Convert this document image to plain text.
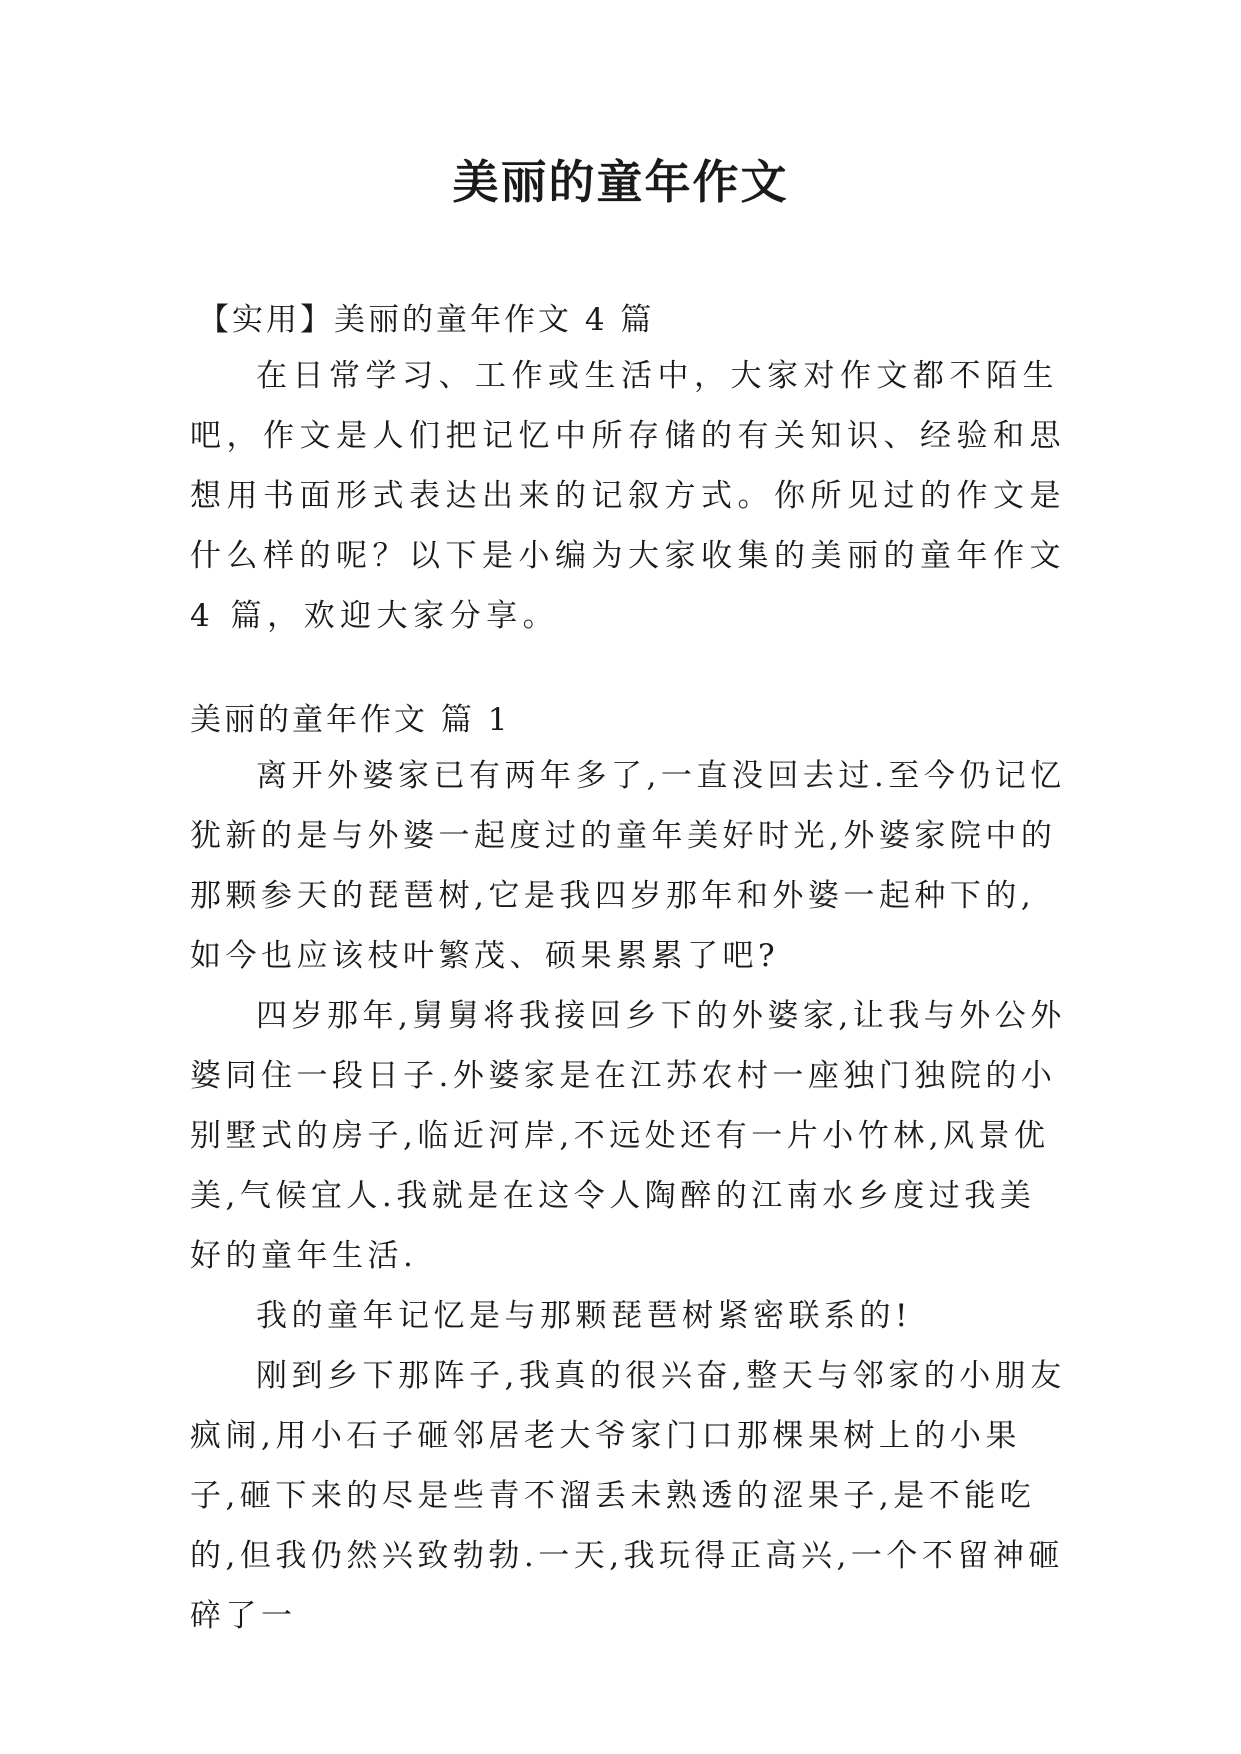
美丽的童年作文

【实用】美丽的童年作文 4 篇

在日常学习、工作或生活中，大家对作文都不陌生吧，作文是人们把记忆中所存储的有关知识、经验和思想用书面形式表达出来的记叙方式。你所见过的作文是什么样的呢？以下是小编为大家收集的美丽的童年作文 4 篇，欢迎大家分享。

美丽的童年作文 篇 1

离开外婆家已有两年多了,一直没回去过.至今仍记忆犹新的是与外婆一起度过的童年美好时光,外婆家院中的那颗参天的琵琶树,它是我四岁那年和外婆一起种下的,如今也应该枝叶繁茂、硕果累累了吧?

四岁那年,舅舅将我接回乡下的外婆家,让我与外公外婆同住一段日子.外婆家是在江苏农村一座独门独院的小别墅式的房子,临近河岸,不远处还有一片小竹林,风景优美,气候宜人.我就是在这令人陶醉的江南水乡度过我美好的童年生活.

我的童年记忆是与那颗琵琶树紧密联系的!

刚到乡下那阵子,我真的很兴奋,整天与邻家的小朋友疯闹,用小石子砸邻居老大爷家门口那棵果树上的小果子,砸下来的尽是些青不溜丢未熟透的涩果子,是不能吃的,但我仍然兴致勃勃.一天,我玩得正高兴,一个不留神砸碎了一
